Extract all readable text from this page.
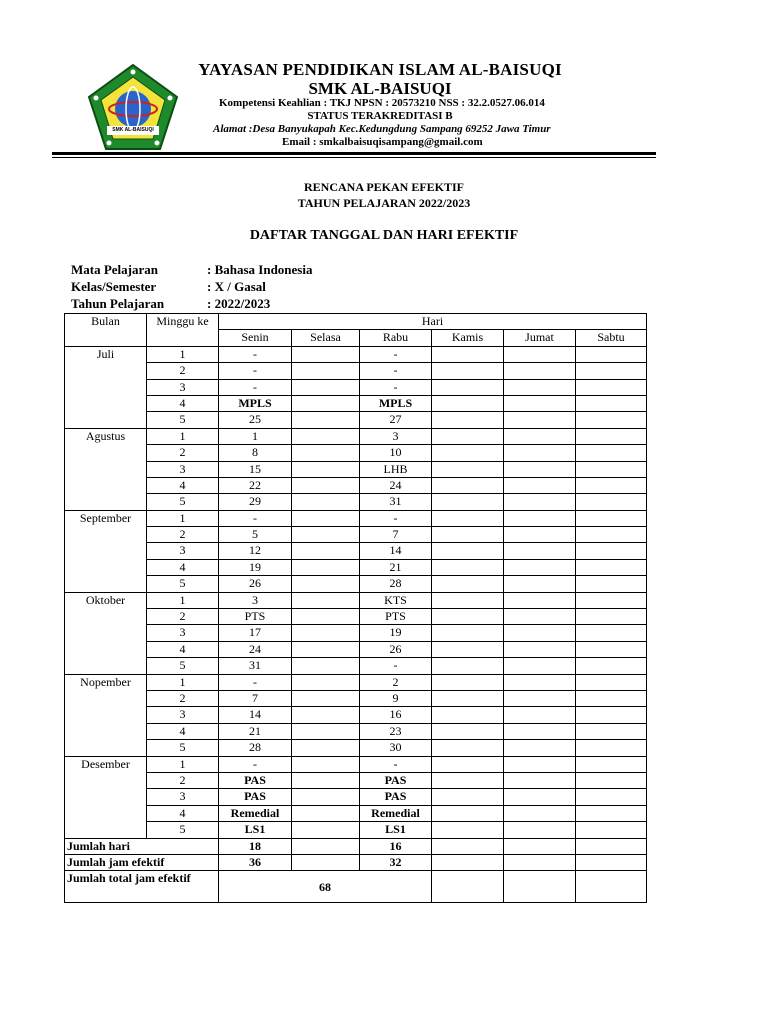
SMK AL-BAISUQI
YAYASAN PENDIDIKAN ISLAM AL-BAISUQI
SMK AL-BAISUQI
Kompetensi Keahlian : TKJ NPSN : 20573210 NSS : 32.2.0527.06.014
STATUS TERAKREDITASI B
Alamat :Desa Banyukapah Kec.Kedungdung Sampang 69252 Jawa Timur
Email : smkalbaisuqisampang@gmail.com
RENCANA PEKAN EFEKTIF
TAHUN PELAJARAN 2022/2023
DAFTAR TANGGAL DAN HARI EFEKTIF
Mata Pelajaran	: Bahasa Indonesia
Kelas/Semester	: X / Gasal
Tahun Pelajaran	: 2022/2023
Bulan	Minggu ke	Hari					
		Senin	Selasa	Rabu	Kamis	Jumat	Sabtu
Juli	1	-		-			
	2	-		-			
	3	-		-			
	4	MPLS		MPLS			
	5	25		27			
Agustus	1	1		3			
	2	8		10			
	3	15		LHB			
	4	22		24			
	5	29		31			
September	1	-		-			
	2	5		7			
	3	12		14			
	4	19		21			
	5	26		28			
Oktober	1	3		KTS			
	2	PTS		PTS			
	3	17		19			
	4	24		26			
	5	31		-			
Nopember	1	-		2			
	2	7		9			
	3	14		16			
	4	21		23			
	5	28		30			
Desember	1	-		-			
	2	PAS		PAS			
	3	PAS		PAS			
	4	Remedial		Remedial			
	5	LS1		LS1			
Jumlah hari		18		16			
Jumlah jam efektif		36		32			
Jumlah total jam efektif		68					
